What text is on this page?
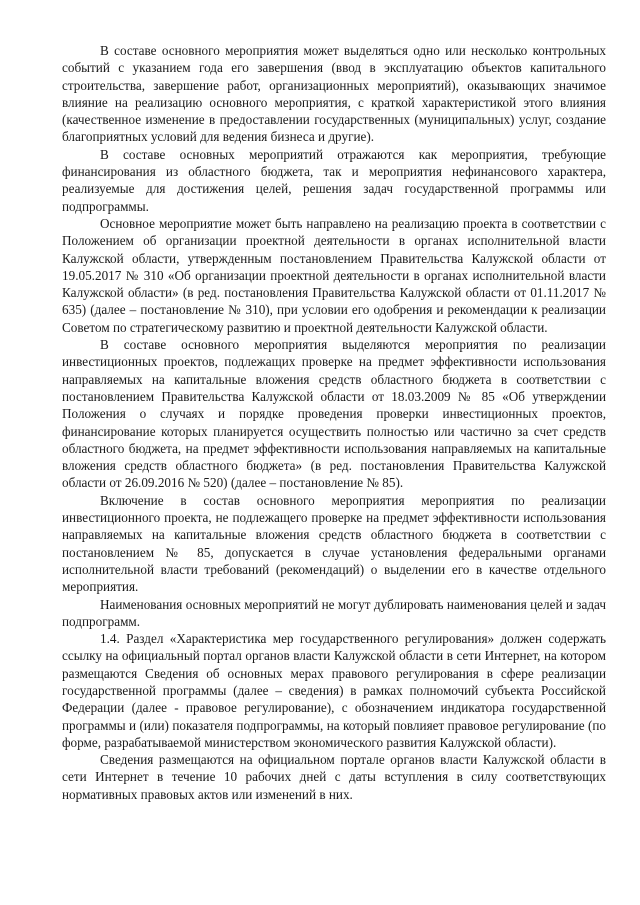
В составе основного мероприятия может выделяться одно или несколько контрольных событий с указанием года его завершения (ввод в эксплуатацию объектов капитального строительства, завершение работ, организационных мероприятий), оказывающих значимое влияние на реализацию основного мероприятия, с краткой характеристикой этого влияния (качественное изменение в предоставлении государственных (муниципальных) услуг, создание благоприятных условий для ведения бизнеса и другие).

В составе основных мероприятий отражаются как мероприятия, требующие финансирования из областного бюджета, так и мероприятия нефинансового характера, реализуемые для достижения целей, решения задач государственной программы или подпрограммы.

Основное мероприятие может быть направлено на реализацию проекта в соответствии с Положением об организации проектной деятельности в органах исполнительной власти Калужской области, утвержденным постановлением Правительства Калужской области от 19.05.2017 № 310 «Об организации проектной деятельности в органах исполнительной власти Калужской области» (в ред. постановления Правительства Калужской области от 01.11.2017 № 635) (далее – постановление № 310), при условии его одобрения и рекомендации к реализации Советом по стратегическому развитию и проектной деятельности Калужской области.

В составе основного мероприятия выделяются мероприятия по реализации инвестиционных проектов, подлежащих проверке на предмет эффективности использования направляемых на капитальные вложения средств областного бюджета в соответствии с постановлением Правительства Калужской области от 18.03.2009 № 85 «Об утверждении Положения о случаях и порядке проведения проверки инвестиционных проектов, финансирование которых планируется осуществить полностью или частично за счет средств областного бюджета, на предмет эффективности использования направляемых на капитальные вложения средств областного бюджета» (в ред. постановления Правительства Калужской области от 26.09.2016 № 520) (далее – постановление № 85).

Включение в состав основного мероприятия мероприятия по реализации инвестиционного проекта, не подлежащего проверке на предмет эффективности использования направляемых на капитальные вложения средств областного бюджета в соответствии с постановлением № 85, допускается в случае установления федеральными органами исполнительной власти требований (рекомендаций) о выделении его в качестве отдельного мероприятия.

Наименования основных мероприятий не могут дублировать наименования целей и задач подпрограмм.

1.4. Раздел «Характеристика мер государственного регулирования» должен содержать ссылку на официальный портал органов власти Калужской области в сети Интернет, на котором размещаются Сведения об основных мерах правового регулирования в сфере реализации государственной программы (далее – сведения) в рамках полномочий субъекта Российской Федерации (далее - правовое регулирование), с обозначением индикатора государственной программы и (или) показателя подпрограммы, на который повлияет правовое регулирование (по форме, разрабатываемой министерством экономического развития Калужской области).

Сведения размещаются на официальном портале органов власти Калужской области в сети Интернет в течение 10 рабочих дней с даты вступления в силу соответствующих нормативных правовых актов или изменений в них.
